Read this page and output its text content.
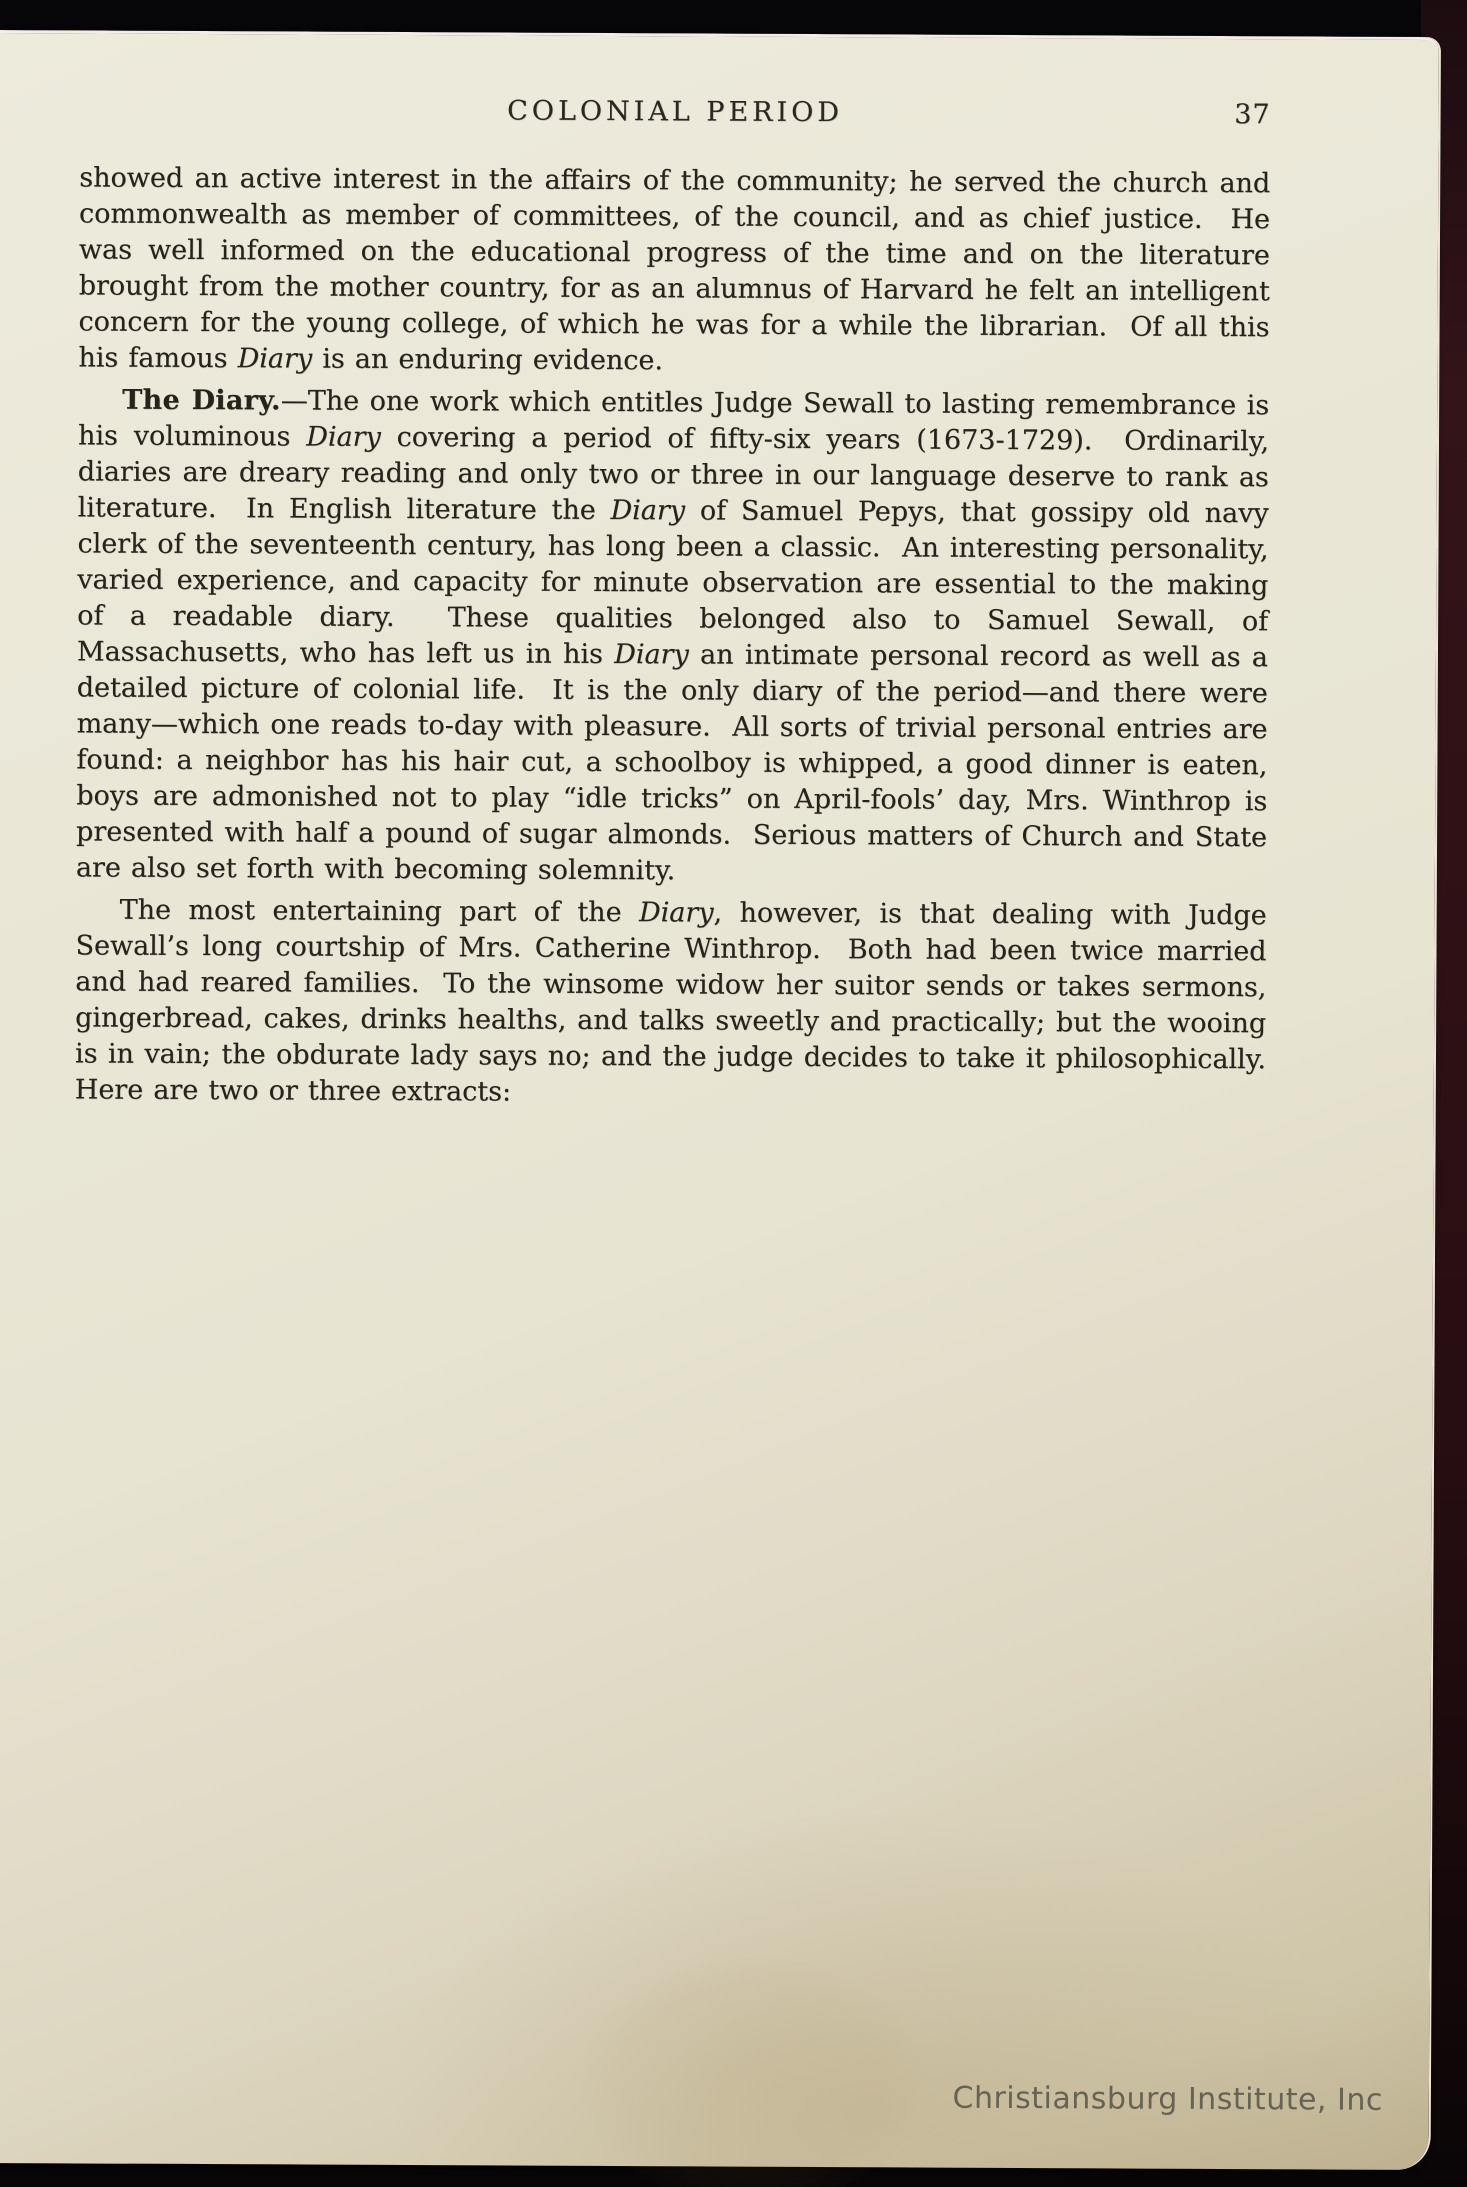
COLONIAL PERIOD	37

showed an active interest in the affairs of the community; he served the church and commonwealth as member of committees, of the council, and as chief justice.  He was well informed on the educational progress of the time and on the literature brought from the mother country, for as an alumnus of Harvard he felt an intelligent concern for the young college, of which he was for a while the librarian.  Of all this his famous Diary is an enduring evidence.

The Diary.—The one work which entitles Judge Sewall to lasting remembrance is his voluminous Diary covering a period of fifty-six years (1673-1729).  Ordinarily, diaries are dreary reading and only two or three in our language deserve to rank as literature.  In English literature the Diary of Samuel Pepys, that gossipy old navy clerk of the seventeenth century, has long been a classic.  An interesting personality, varied experience, and capacity for minute observation are essential to the making of a readable diary.  These qualities belonged also to Samuel Sewall, of Massachusetts, who has left us in his Diary an intimate personal record as well as a detailed picture of colonial life.  It is the only diary of the period—and there were many—which one reads to-day with pleasure.  All sorts of trivial personal entries are found: a neighbor has his hair cut, a schoolboy is whipped, a good dinner is eaten, boys are admonished not to play “idle tricks” on April-fools’ day, Mrs. Winthrop is presented with half a pound of sugar almonds.  Serious matters of Church and State are also set forth with becoming solemnity.

The most entertaining part of the Diary, however, is that dealing with Judge Sewall’s long courtship of Mrs. Catherine Winthrop.  Both had been twice married and had reared families.  To the winsome widow her suitor sends or takes sermons, gingerbread, cakes, drinks healths, and talks sweetly and practically; but the wooing is in vain; the obdurate lady says no; and the judge decides to take it philosophically.  Here are two or three extracts:

Christiansburg Institute, Inc
